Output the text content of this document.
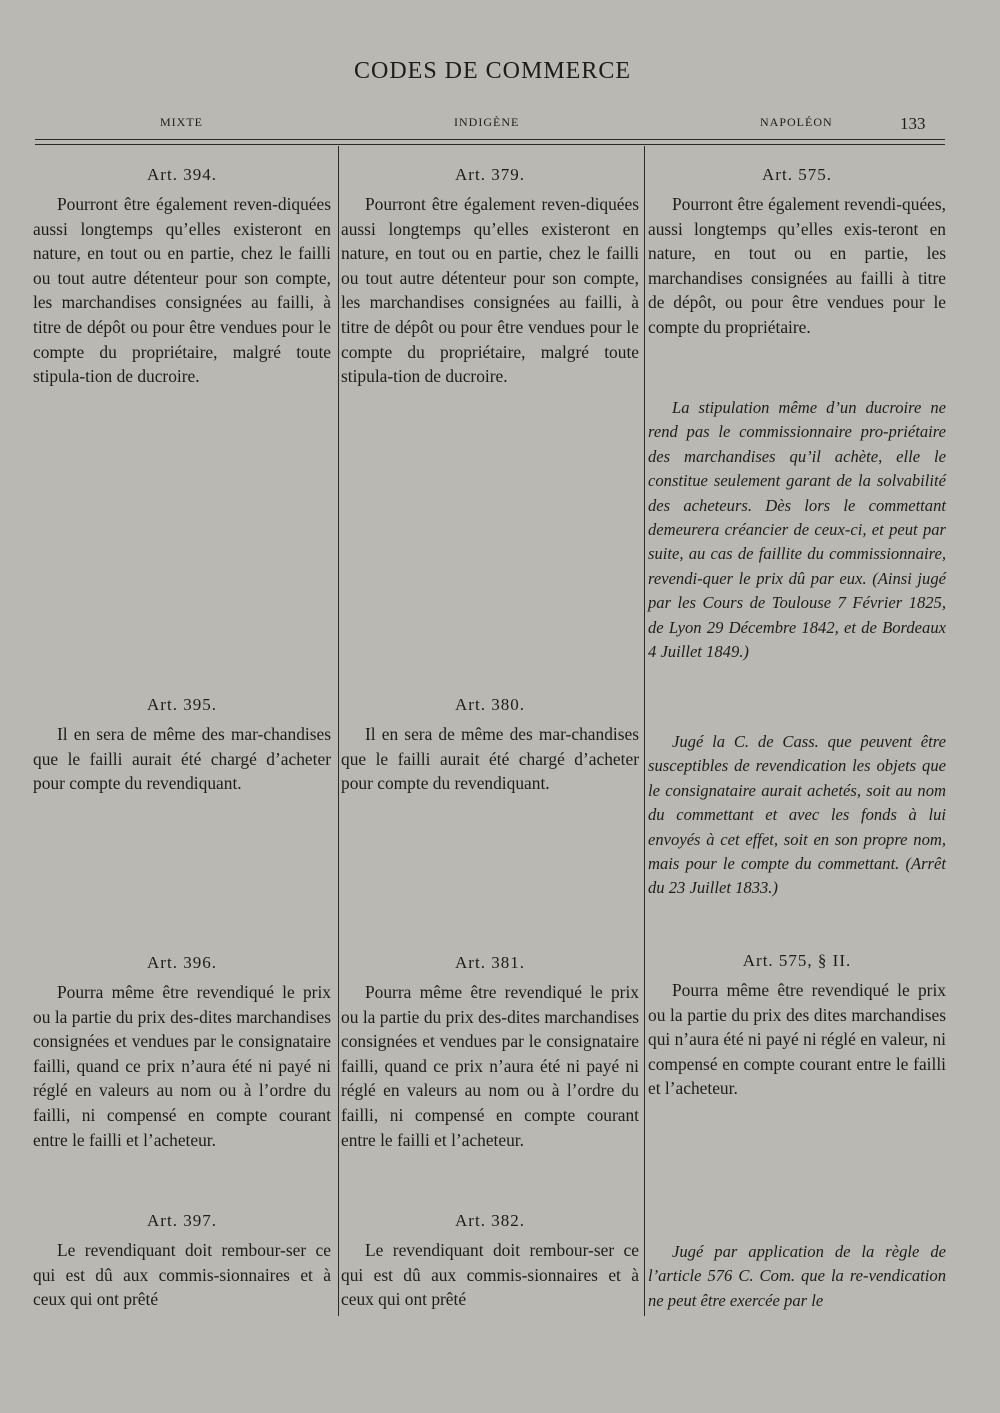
CODES DE COMMERCE
MIXTE	INDIGÈNE	NAPOLÉON	133

Art. 394.

Pourront être également reven-diquées aussi longtemps qu’elles existeront en nature, en tout ou en partie, chez le failli ou tout autre détenteur pour son compte, les marchandises consignées au failli, à titre de dépôt ou pour être vendues pour le compte du propriétaire, malgré toute stipula-tion de ducroire.

Art. 395.

Il en sera de même des mar-chandises que le failli aurait été chargé d’acheter pour compte du revendiquant.

Art. 396.

Pourra même être revendiqué le prix ou la partie du prix des-dites marchandises consignées et vendues par le consignataire failli, quand ce prix n’aura été ni payé ni réglé en valeurs au nom ou à l’ordre du failli, ni compensé en compte courant entre le failli et l’acheteur.

Art. 397.

Le revendiquant doit rembour-ser ce qui est dû aux commis-sionnaires et à ceux qui ont prêté

Art. 379.

Pourront être également reven-diquées aussi longtemps qu’elles existeront en nature, en tout ou en partie, chez le failli ou tout autre détenteur pour son compte, les marchandises consignées au failli, à titre de dépôt ou pour être vendues pour le compte du propriétaire, malgré toute stipula-tion de ducroire.

Art. 380.

Il en sera de même des mar-chandises que le failli aurait été chargé d’acheter pour compte du revendiquant.

Art. 381.

Pourra même être revendiqué le prix ou la partie du prix des-dites marchandises consignées et vendues par le consignataire failli, quand ce prix n’aura été ni payé ni réglé en valeurs au nom ou à l’ordre du failli, ni compensé en compte courant entre le failli et l’acheteur.

Art. 382.

Le revendiquant doit rembour-ser ce qui est dû aux commis-sionnaires et à ceux qui ont prêté

Art. 575.

Pourront être également revendi-quées, aussi longtemps qu’elles exis-teront en nature, en tout ou en partie, les marchandises consignées au failli à titre de dépôt, ou pour être vendues pour le compte du propriétaire.

La stipulation même d’un ducroire ne rend pas le commissionnaire pro-priétaire des marchandises qu’il achète, elle le constitue seulement garant de la solvabilité des acheteurs. Dès lors le commettant demeurera créancier de ceux-ci, et peut par suite, au cas de faillite du commissionnaire, revendi-quer le prix dû par eux. (Ainsi jugé par les Cours de Toulouse 7 Février 1825, de Lyon 29 Décembre 1842, et de Bordeaux 4 Juillet 1849.)

Jugé la C. de Cass. que peuvent être susceptibles de revendication les objets que le consignataire aurait achetés, soit au nom du commettant et avec les fonds à lui envoyés à cet effet, soit en son propre nom, mais pour le compte du commettant. (Arrêt du 23 Juillet 1833.)

Art. 575, § II.

Pourra même être revendiqué le prix ou la partie du prix des dites marchandises qui n’aura été ni payé ni réglé en valeur, ni compensé en compte courant entre le failli et l’acheteur.

Jugé par application de la règle de l’article 576 C. Com. que la re-vendication ne peut être exercée par le
